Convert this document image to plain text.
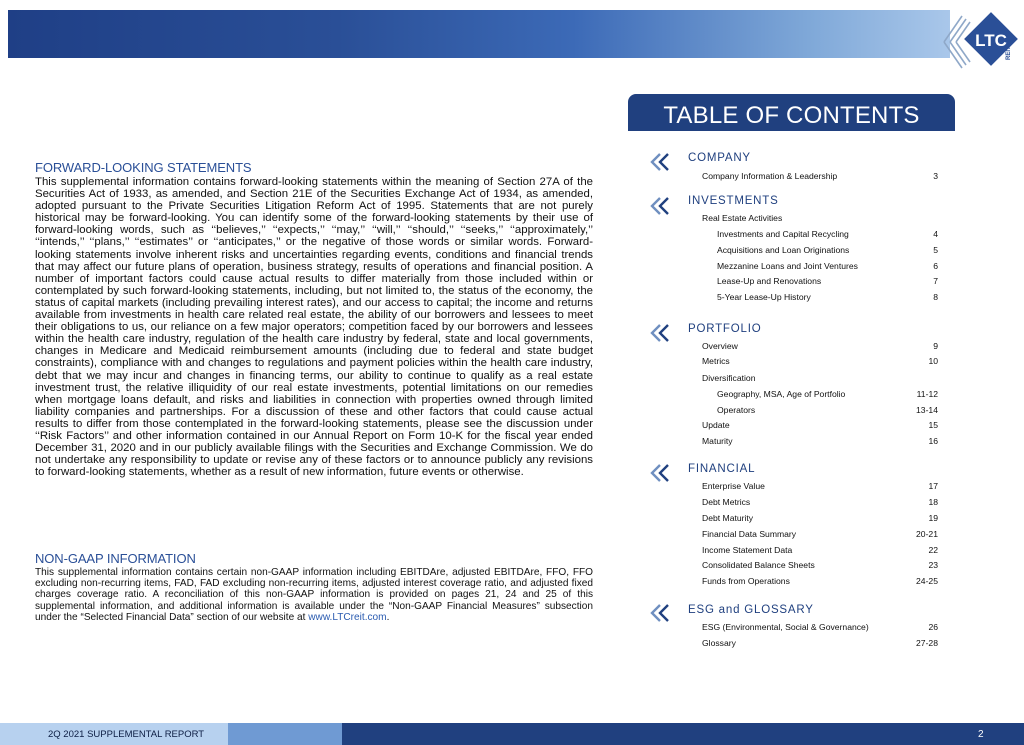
LTC
REIT
TABLE OF CONTENTS
FORWARD-LOOKING STATEMENTS
This supplemental information contains forward-looking statements within the meaning of Section 27A of the Securities Act of 1933, as amended, and Section 21E of the Securities Exchange Act of 1934, as amended, adopted pursuant to the Private Securities Litigation Reform Act of 1995. Statements that are not purely historical may be forward-looking. You can identify some of the forward-looking statements by their use of forward-looking words, such as ‘‘believes,’’ ‘‘expects,’’ ‘‘may,’’ ‘‘will,’’ ‘‘should,’’ ‘‘seeks,’’ ‘‘approximately,’’ ‘‘intends,’’ ‘‘plans,’’ ‘‘estimates’’ or ‘‘anticipates,’’ or the negative of those words or similar words. Forward- looking statements involve inherent risks and uncertainties regarding events, conditions and financial trends that may affect our future plans of operation, business strategy, results of operations and financial position. A number of important factors could cause actual results to differ materially from those included within or contemplated by such forward-looking statements, including, but not limited to, the status of the economy, the status of capital markets (including prevailing interest rates), and our access to capital; the income and returns available from investments in health care related real estate, the ability of our borrowers and lessees to meet their obligations to us, our reliance on a few major operators; competition faced by our borrowers and lessees within the health care industry, regulation of the health care industry by federal, state and local governments, changes in Medicare and Medicaid reimbursement amounts (including due to federal and state budget constraints), compliance with and changes to regulations and payment policies within the health care industry, debt that we may incur and changes in financing terms, our ability to continue to qualify as a real estate investment trust, the relative illiquidity of our real estate investments, potential limitations on our remedies when mortgage loans default, and risks and liabilities in connection with properties owned through limited liability companies and partnerships. For a discussion of these and other factors that could cause actual results to differ from those contemplated in the forward-looking statements, please see the discussion under ‘‘Risk Factors’’ and other information contained in our Annual Report on Form 10-K for the fiscal year ended December 31, 2020 and in our publicly available filings with the Securities and Exchange Commission. We do not undertake any responsibility to update or revise any of these factors or to announce publicly any revisions to forward-looking statements, whether as a result of new information, future events or otherwise.
NON-GAAP INFORMATION
This supplemental information contains certain non-GAAP information including EBITDAre, adjusted EBITDAre, FFO, FFO excluding non-recurring items, FAD, FAD excluding non-recurring items, adjusted interest coverage ratio, and adjusted fixed charges coverage ratio. A reconciliation of this non-GAAP information is provided on pages 21, 24 and 25 of this supplemental information, and additional information is available under the “Non-GAAP Financial Measures” subsection under the “Selected Financial Data” section of our website at www.LTCreit.com.
COMPANY
Company Information & Leadership	3
INVESTMENTS
Real Estate Activities
Investments and Capital Recycling	4
Acquisitions and Loan Originations	5
Mezzanine Loans and Joint Ventures	6
Lease-Up and Renovations	7
5-Year Lease-Up History	8
PORTFOLIO
Overview	9
Metrics	10
Diversification
Geography, MSA, Age of Portfolio	11-12
Operators	13-14
Update	15
Maturity	16
FINANCIAL
Enterprise Value	17
Debt Metrics	18
Debt Maturity	19
Financial Data Summary	20-21
Income Statement Data	22
Consolidated Balance Sheets	23
Funds from Operations	24-25
ESG and GLOSSARY
ESG (Environmental, Social & Governance)	26
Glossary	27-28
2Q 2021 SUPPLEMENTAL REPORT	2
